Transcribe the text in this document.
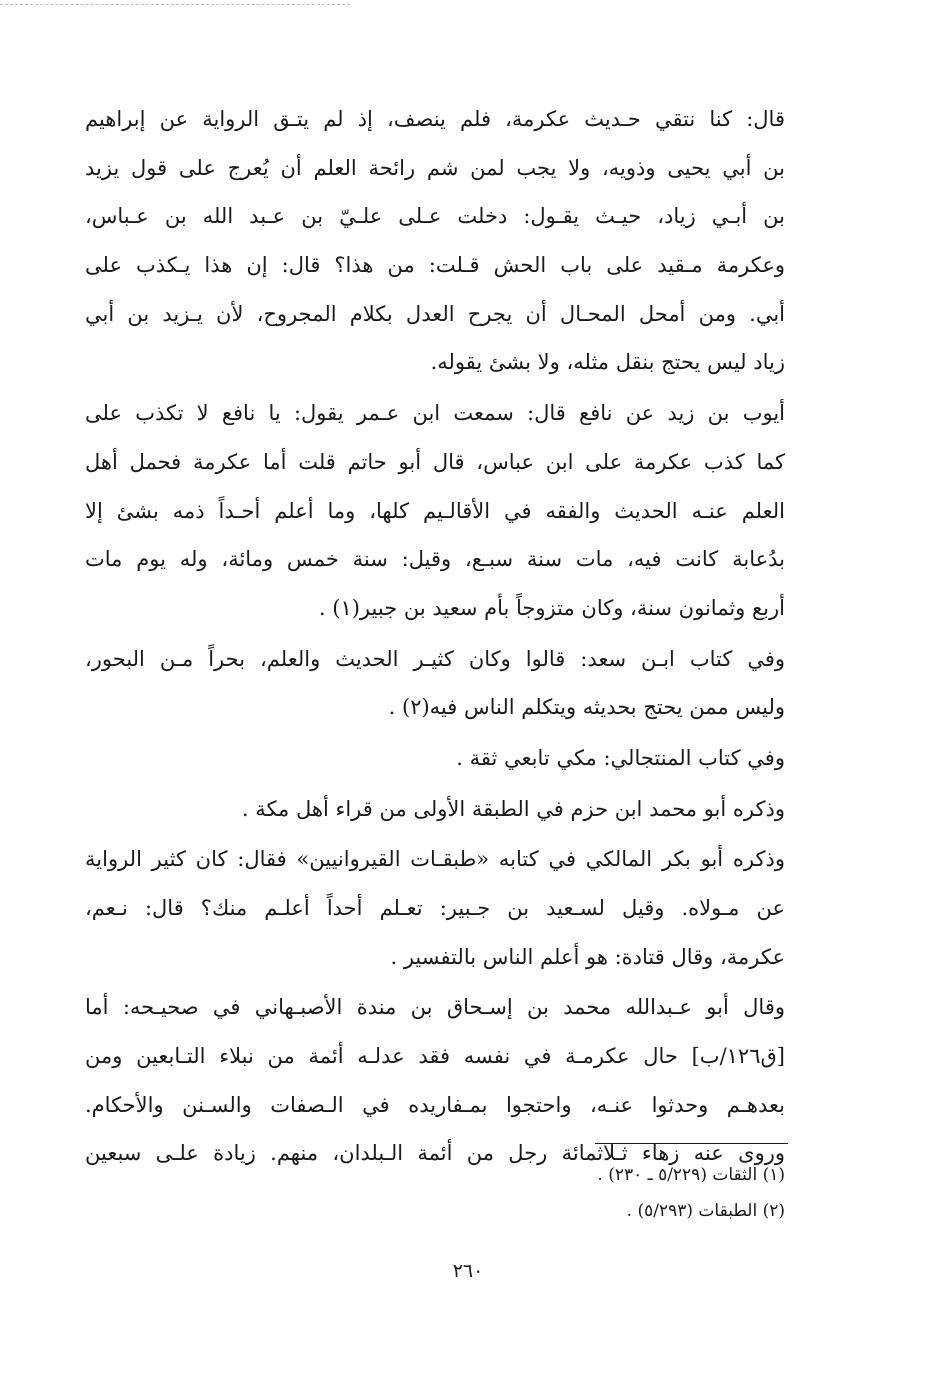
قال: كنا نتقي حـديث عكرمة، فلم ينصف، إذ لم يتـق الرواية عن إبراهيم
بن أبي يحيى وذويه، ولا يجب لمن شم رائحة العلم أن يُعرج على قول يزيد
بن أبـي زياد، حيـث يقـول: دخلت عـلى علـيّ بن عـبد الله بن عـباس،
وعكرمة مـقيد على باب الحش قـلت: من هذا؟ قال: إن هذا يـكذب على
أبي. ومن أمحل المحـال أن يجرح العدل بكلام المجروح، لأن يـزيد بن أبي
زياد ليس يحتج بنقل مثله، ولا بشئ يقوله.
أيوب بن زيد عن نافع قال: سمعت ابن عـمر يقول: يا نافع لا تكذب على
كما كذب عكرمة على ابن عباس، قال أبو حاتم قلت أما عكرمة فحمل أهل
العلم عنـه الحديث والفقه في الأقالـيم كلها، وما أعلم أحـداً ذمه بشئ إلا
بدُعابة كانت فيه، مات سنة سبـع، وقيل: سنة خمس ومائة، وله يوم مات
أربع وثمانون سنة، وكان متزوجاً بأم سعيد بن جبير(١) .
وفي كتاب ابـن سعد: قالوا وكان كثيـر الحديث والعلم، بحراً مـن البحور،
وليس ممن يحتج بحديثه ويتكلم الناس فيه(٢) .
وفي كتاب المنتجالي: مكي تابعي ثقة .
وذكره أبو محمد ابن حزم في الطبقة الأولى من قراء أهل مكة .
وذكره أبو بكر المالكي في كتابه «طبقـات القيروانيين» فقال: كان كثير الرواية
عن مـولاه. وقيل لسـعيد بن جـبير: تعـلم أحداً أعلـم منك؟ قال: نـعم،
عكرمة، وقال قتادة: هو أعلم الناس بالتفسير .
وقال أبو عـبدالله محمد بن إسـحاق بن مندة الأصبـهاني في صحيـحه: أما
[ق١٢٦/ب] حال عكرمـة في نفسه فقد عدلـه أئمة من نبلاء التـابعين ومن
بعدهـم وحدثوا عنـه، واحتجوا بمـفاريده في الـصفات والسـنن والأحكام.
وروى عنه زهاء ثـلاثمائة رجل من أئمة الـبلدان، منهم. زيادة علـى سبعين
(١) الثقات (٥/٢٢٩ ـ ٢٣٠) .
(٢) الطبقات (٥/٢٩٣) .
٢٦٠
